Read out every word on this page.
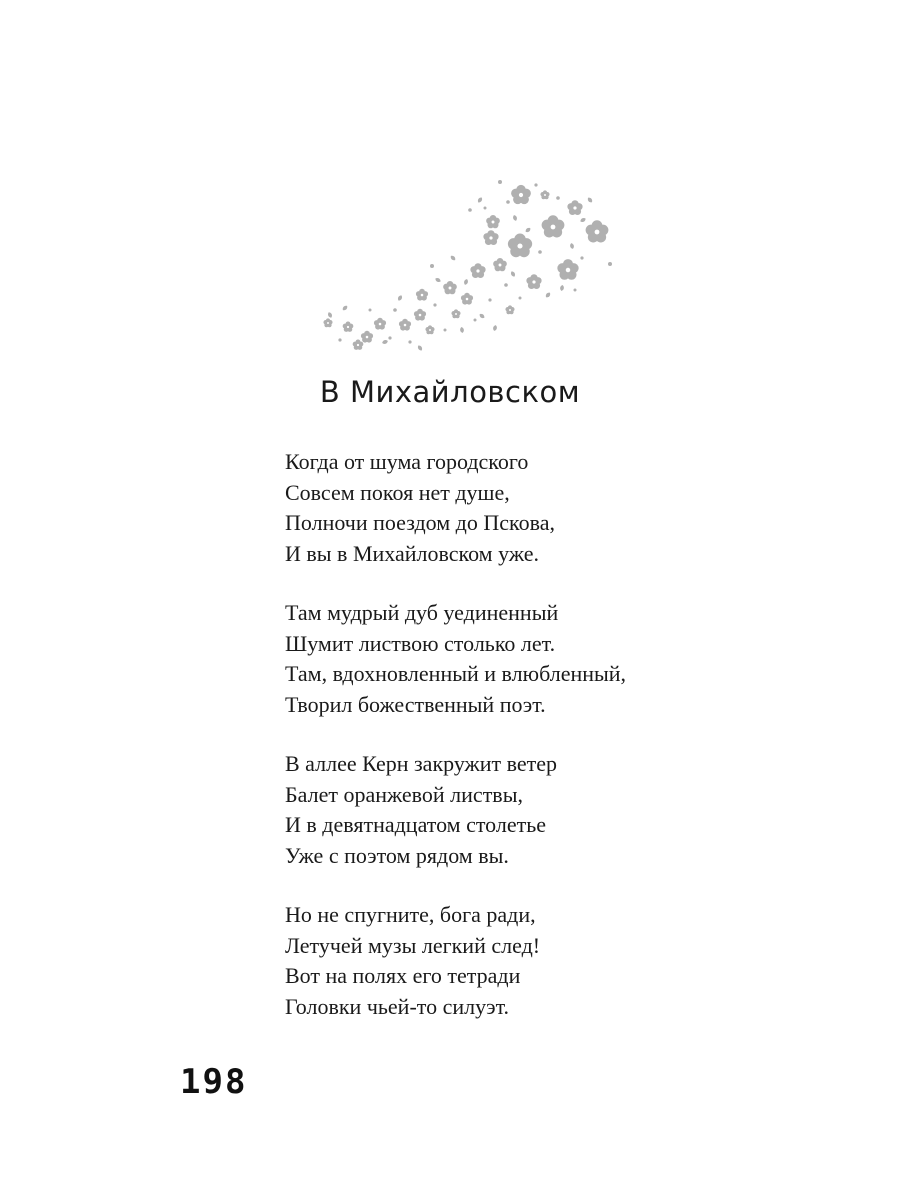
В Михайловском
Когда от шума городского
Совсем покоя нет душе,
Полночи поездом до Пскова,
И вы в Михайловском уже.
Там мудрый дуб уединенный
Шумит листвою столько лет.
Там, вдохновленный и влюбленный,
Творил божественный поэт.
В аллее Керн закружит ветер
Балет оранжевой листвы,
И в девятнадцатом столетье
Уже с поэтом рядом вы.
Но не спугните, бога ради,
Летучей музы легкий след!
Вот на полях его тетради
Головки чьей-то силуэт.
198
